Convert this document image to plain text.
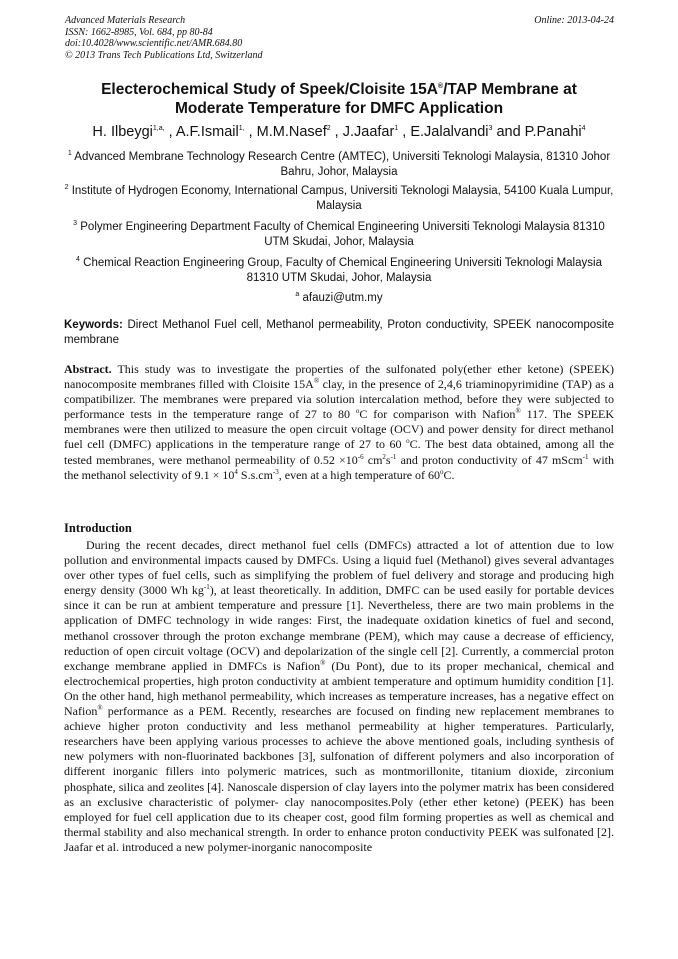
Advanced Materials Research
ISSN: 1662-8985, Vol. 684, pp 80-84
doi:10.4028/www.scientific.net/AMR.684.80
© 2013 Trans Tech Publications Ltd, Switzerland
Online: 2013-04-24
Electerochemical Study of Speek/Cloisite 15A®/TAP Membrane at
Moderate Temperature for DMFC Application
H. Ilbeygi$^{1,a,}$ , A.F.Ismail$^{1,}$ , M.M.Nasef$^2$ , J.Jaafar$^1$ , E.Jalalvandi$^3$ and P.Panahi$^4$
$^1$ Advanced Membrane Technology Research Centre (AMTEC), Universiti Teknologi Malaysia, 81310 Johor Bahru, Johor, Malaysia
$^2$ Institute of Hydrogen Economy, International Campus, Universiti Teknologi Malaysia, 54100 Kuala Lumpur, Malaysia
$^3$ Polymer Engineering Department Faculty of Chemical Engineering Universiti Teknologi Malaysia 81310 UTM Skudai, Johor, Malaysia
$^4$ Chemical Reaction Engineering Group, Faculty of Chemical Engineering Universiti Teknologi Malaysia 81310 UTM Skudai, Johor, Malaysia
$^a$ afauzi@utm.my
Keywords: Direct Methanol Fuel cell, Methanol permeability, Proton conductivity, SPEEK nanocomposite membrane
Abstract. This study was to investigate the properties of the sulfonated poly(ether ether ketone) (SPEEK) nanocomposite membranes filled with Cloisite 15A® clay, in the presence of 2,4,6 triaminopyrimidine (TAP) as a compatibilizer. The membranes were prepared via solution intercalation method, before they were subjected to performance tests in the temperature range of 27 to 80 $^o$C for comparison with Nafion® 117. The SPEEK membranes were then utilized to measure the open circuit voltage (OCV) and power density for direct methanol fuel cell (DMFC) applications in the temperature range of 27 to 60 $^o$C. The best data obtained, among all the tested membranes, were methanol permeability of $0.52 \times 10^{-6}$ $cm^2s^{-1}$ and proton conductivity of 47 mScm$^{-1}$ with the methanol selectivity of $9.1 \times 10^4$ $S.s.cm^{-3}$, even at a high temperature of 60$^o$C.
Introduction
During the recent decades, direct methanol fuel cells (DMFCs) attracted a lot of attention due to low pollution and environmental impacts caused by DMFCs. Using a liquid fuel (Methanol) gives several advantages over other types of fuel cells, such as simplifying the problem of fuel delivery and storage and producing high energy density (3000 Wh $kg^{-1}$), at least theoretically. In addition, DMFC can be used easily for portable devices since it can be run at ambient temperature and pressure [1]. Nevertheless, there are two main problems in the application of DMFC technology in wide ranges: First, the inadequate oxidation kinetics of fuel and second, methanol crossover through the proton exchange membrane (PEM), which may cause a decrease of efficiency, reduction of open circuit voltage (OCV) and depolarization of the single cell [2]. Currently, a commercial proton exchange membrane applied in DMFCs is Nafion® (Du Pont), due to its proper mechanical, chemical and electrochemical properties, high proton conductivity at ambient temperature and optimum humidity condition [1]. On the other hand, high methanol permeability, which increases as temperature increases, has a negative effect on Nafion® performance as a PEM. Recently, researches are focused on finding new replacement membranes to achieve higher proton conductivity and less methanol permeability at higher temperatures. Particularly, researchers have been applying various processes to achieve the above mentioned goals, including synthesis of new polymers with non-fluorinated backbones [3], sulfonation of different polymers and also incorporation of different inorganic fillers into polymeric matrices, such as montmorillonite, titanium dioxide, zirconium phosphate, silica and zeolites [4]. Nanoscale dispersion of clay layers into the polymer matrix has been considered as an exclusive characteristic of polymer- clay nanocomposites.Poly (ether ether ketone) (PEEK) has been employed for fuel cell application due to its cheaper cost, good film forming properties as well as chemical and thermal stability and also mechanical strength. In order to enhance proton conductivity PEEK was sulfonated [2]. Jaafar et al. introduced a new polymer-inorganic nanocomposite
